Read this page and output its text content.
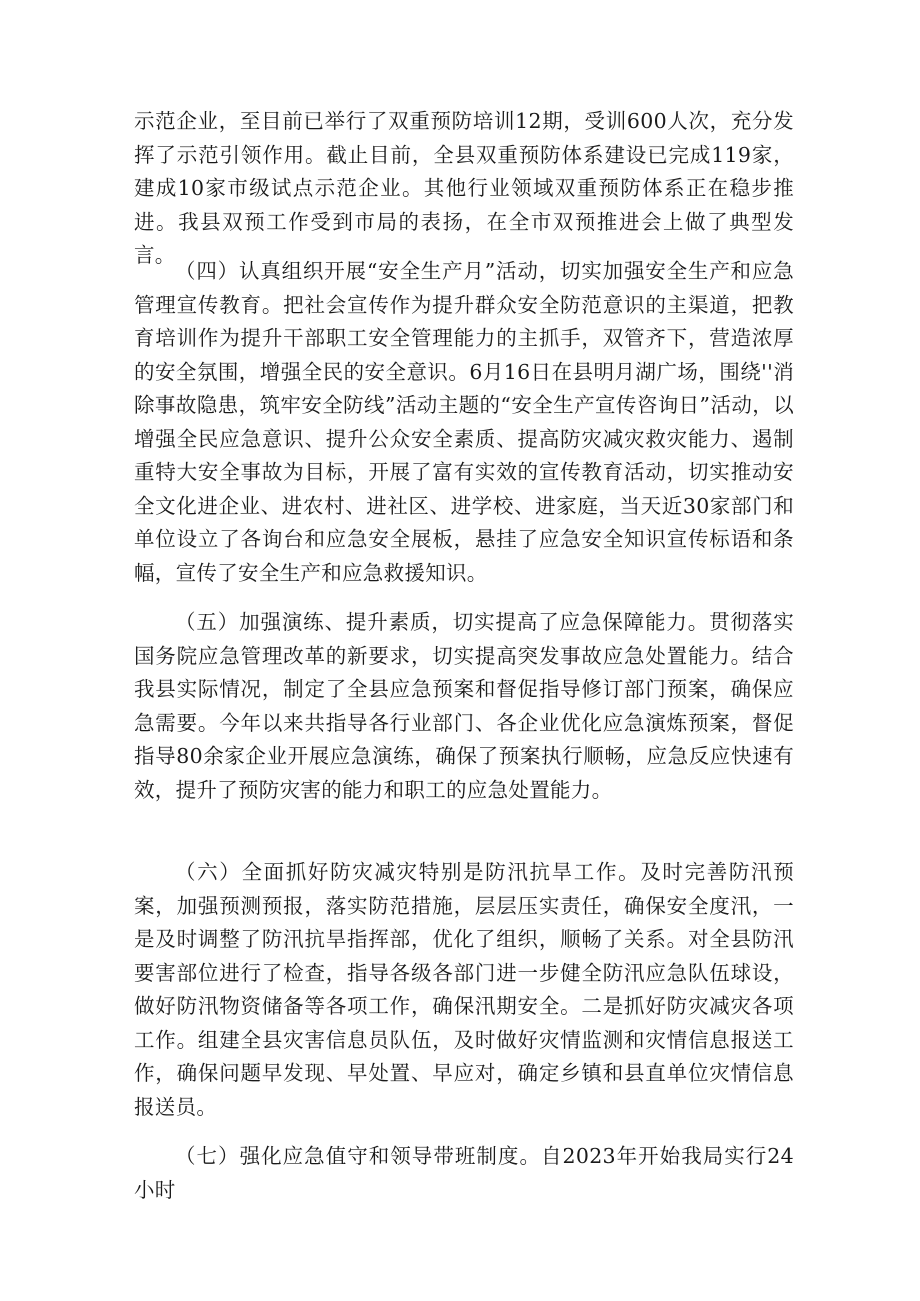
示范企业，至目前已举行了双重预防培训12期，受训600人次，充分发挥了示范引领作用。截止目前，全县双重预防体系建设已完成119家，建成10家市级试点示范企业。其他行业领域双重预防体系正在稳步推进。我县双预工作受到市局的表扬，在全市双预推进会上做了典型发言。

（四）认真组织开展“安全生产月”活动，切实加强安全生产和应急管理宣传教育。把社会宣传作为提升群众安全防范意识的主渠道，把教育培训作为提升干部职工安全管理能力的主抓手，双管齐下，营造浓厚的安全氛围，增强全民的安全意识。6月16日在县明月湖广场，围绕''消除事故隐患，筑牢安全防线”活动主题的“安全生产宣传咨询日”活动，以增强全民应急意识、提升公众安全素质、提高防灾减灾救灾能力、遏制重特大安全事故为目标，开展了富有实效的宣传教育活动，切实推动安全文化进企业、进农村、进社区、进学校、进家庭，当天近30家部门和单位设立了各询台和应急安全展板，悬挂了应急安全知识宣传标语和条幅，宣传了安全生产和应急救援知识。

（五）加强演练、提升素质，切实提高了应急保障能力。贯彻落实国务院应急管理改革的新要求，切实提高突发事故应急处置能力。结合我县实际情况，制定了全县应急预案和督促指导修订部门预案，确保应急需要。今年以来共指导各行业部门、各企业优化应急演炼预案，督促指导80余家企业开展应急演练，确保了预案执行顺畅，应急反应快速有效，提升了预防灾害的能力和职工的应急处置能力。

（六）全面抓好防灾减灾特别是防汛抗旱工作。及时完善防汛预案，加强预测预报，落实防范措施，层层压实责任，确保安全度汛，一是及时调整了防汛抗旱指挥部，优化了组织，顺畅了关系。对全县防汛要害部位进行了检查，指导各级各部门进一步健全防汛应急队伍球设，做好防汛物资储备等各项工作，确保汛期安全。二是抓好防灾减灾各项工作。组建全县灾害信息员队伍，及时做好灾情监测和灾情信息报送工作，确保问题早发现、早处置、早应对，确定乡镇和县直单位灾情信息报送员。

（七）强化应急值守和领导带班制度。自2023年开始我局实行24小时
